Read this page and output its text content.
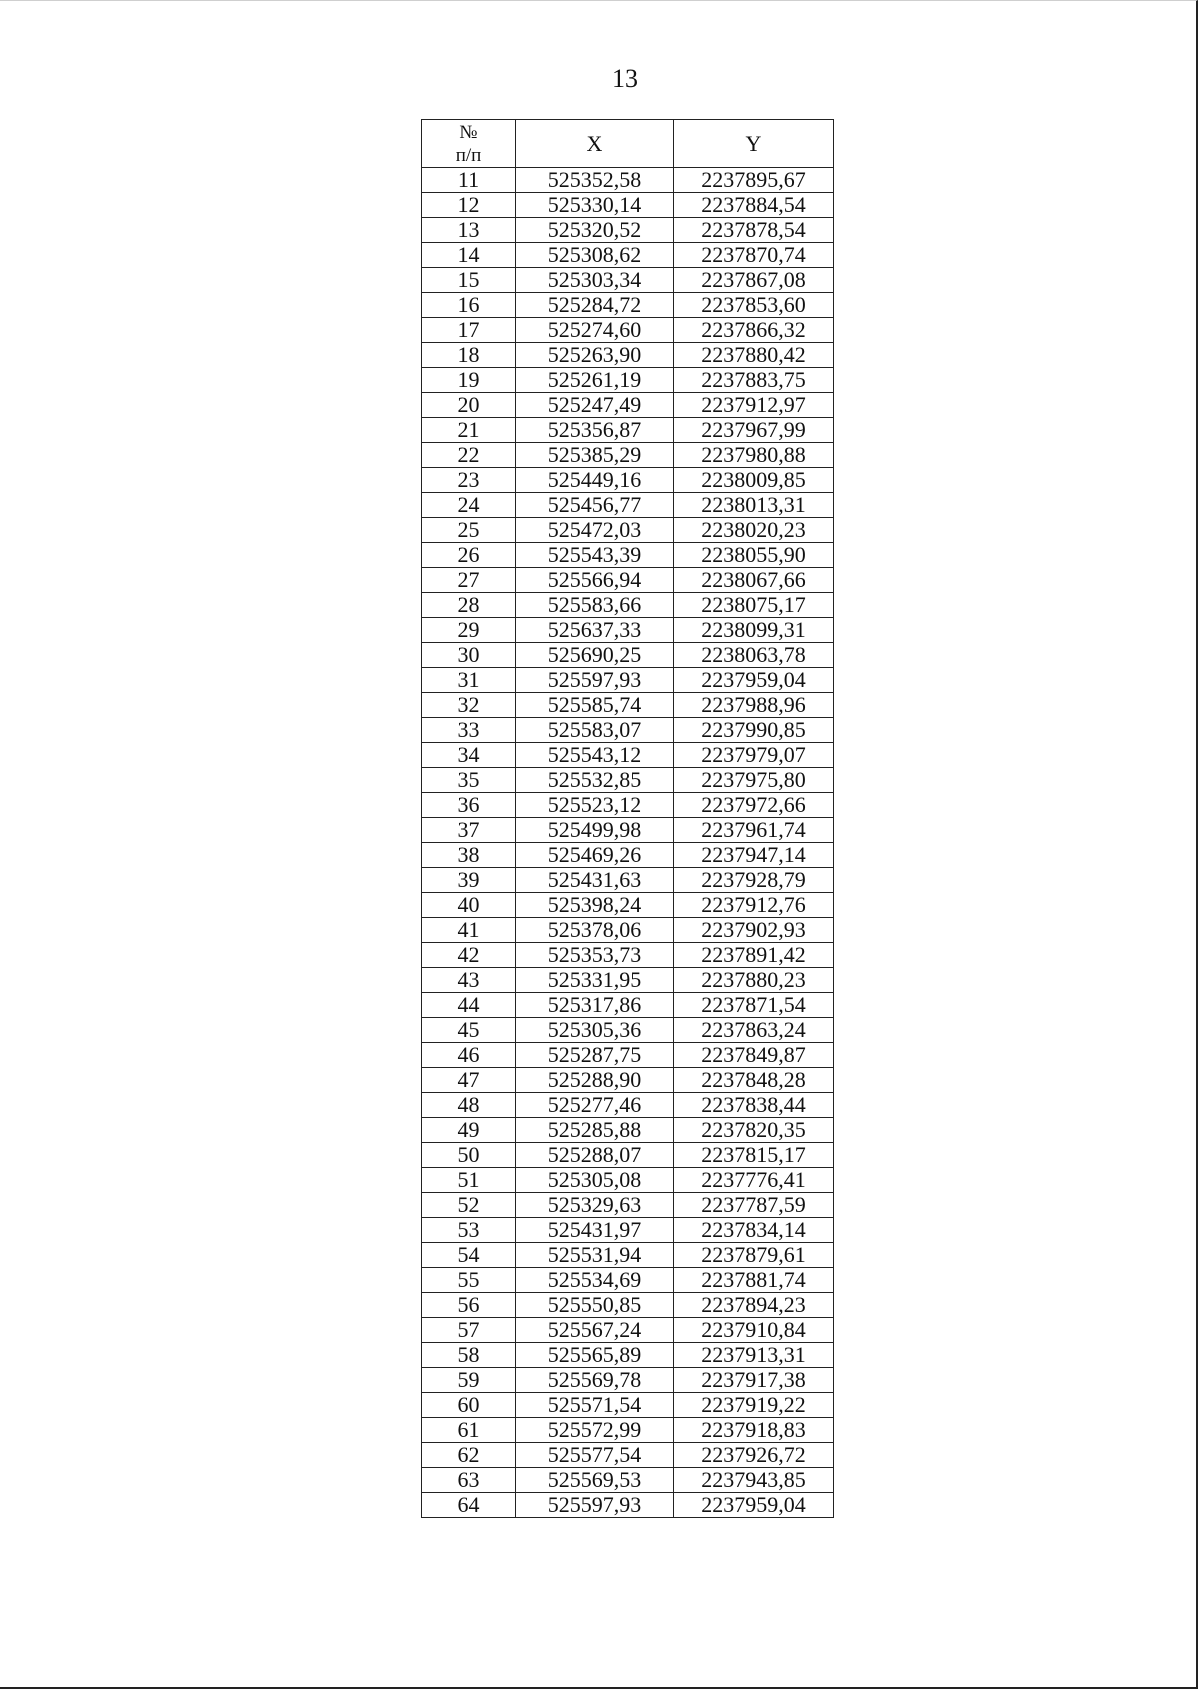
13
№
п/п	X	Y
11	525352,58	2237895,67
12	525330,14	2237884,54
13	525320,52	2237878,54
14	525308,62	2237870,74
15	525303,34	2237867,08
16	525284,72	2237853,60
17	525274,60	2237866,32
18	525263,90	2237880,42
19	525261,19	2237883,75
20	525247,49	2237912,97
21	525356,87	2237967,99
22	525385,29	2237980,88
23	525449,16	2238009,85
24	525456,77	2238013,31
25	525472,03	2238020,23
26	525543,39	2238055,90
27	525566,94	2238067,66
28	525583,66	2238075,17
29	525637,33	2238099,31
30	525690,25	2238063,78
31	525597,93	2237959,04
32	525585,74	2237988,96
33	525583,07	2237990,85
34	525543,12	2237979,07
35	525532,85	2237975,80
36	525523,12	2237972,66
37	525499,98	2237961,74
38	525469,26	2237947,14
39	525431,63	2237928,79
40	525398,24	2237912,76
41	525378,06	2237902,93
42	525353,73	2237891,42
43	525331,95	2237880,23
44	525317,86	2237871,54
45	525305,36	2237863,24
46	525287,75	2237849,87
47	525288,90	2237848,28
48	525277,46	2237838,44
49	525285,88	2237820,35
50	525288,07	2237815,17
51	525305,08	2237776,41
52	525329,63	2237787,59
53	525431,97	2237834,14
54	525531,94	2237879,61
55	525534,69	2237881,74
56	525550,85	2237894,23
57	525567,24	2237910,84
58	525565,89	2237913,31
59	525569,78	2237917,38
60	525571,54	2237919,22
61	525572,99	2237918,83
62	525577,54	2237926,72
63	525569,53	2237943,85
64	525597,93	2237959,04
